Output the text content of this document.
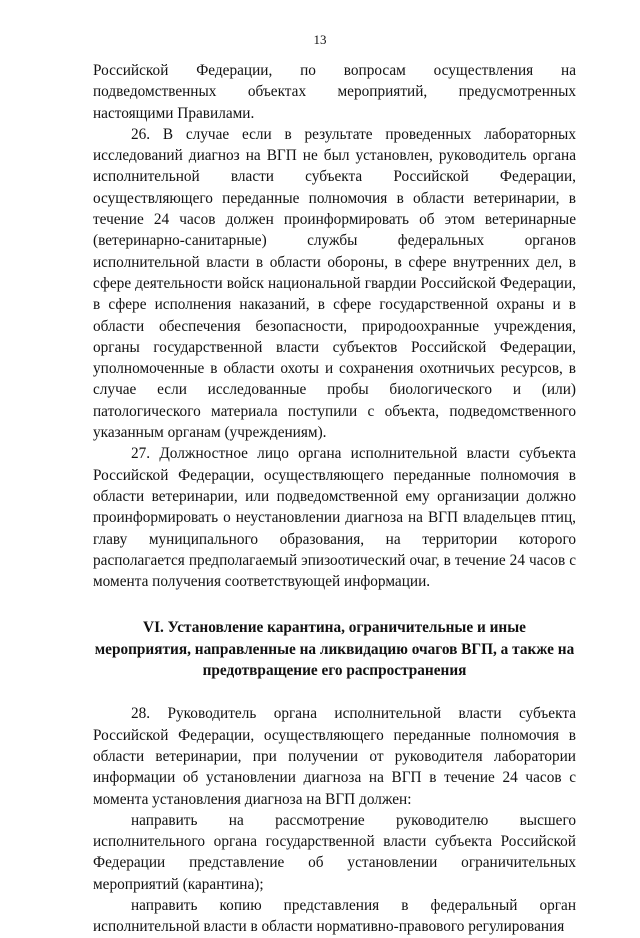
13

Российской Федерации, по вопросам осуществления на подведомственных объектах мероприятий, предусмотренных настоящими Правилами.

26. В случае если в результате проведенных лабораторных исследований диагноз на ВГП не был установлен, руководитель органа исполнительной власти субъекта Российской Федерации, осуществляющего переданные полномочия в области ветеринарии, в течение 24 часов должен проинформировать об этом ветеринарные (ветеринарно-санитарные) службы федеральных органов исполнительной власти в области обороны, в сфере внутренних дел, в сфере деятельности войск национальной гвардии Российской Федерации, в сфере исполнения наказаний, в сфере государственной охраны и в области обеспечения безопасности, природоохранные учреждения, органы государственной власти субъектов Российской Федерации, уполномоченные в области охоты и сохранения охотничьих ресурсов, в случае если исследованные пробы биологического и (или) патологического материала поступили с объекта, подведомственного указанным органам (учреждениям).

27. Должностное лицо органа исполнительной власти субъекта Российской Федерации, осуществляющего переданные полномочия в области ветеринарии, или подведомственной ему организации должно проинформировать о неустановлении диагноза на ВГП владельцев птиц, главу муниципального образования, на территории которого располагается предполагаемый эпизоотический очаг, в течение 24 часов с момента получения соответствующей информации.

VI. Установление карантина, ограничительные и иные
мероприятия, направленные на ликвидацию очагов ВГП, а также на
предотвращение его распространения

28. Руководитель органа исполнительной власти субъекта Российской Федерации, осуществляющего переданные полномочия в области ветеринарии, при получении от руководителя лаборатории информации об установлении диагноза на ВГП в течение 24 часов с момента установления диагноза на ВГП должен:

направить на рассмотрение руководителю высшего исполнительного органа государственной власти субъекта Российской Федерации представление об установлении ограничительных мероприятий (карантина);

направить копию представления в федеральный орган исполнительной власти в области нормативно-правового регулирования
